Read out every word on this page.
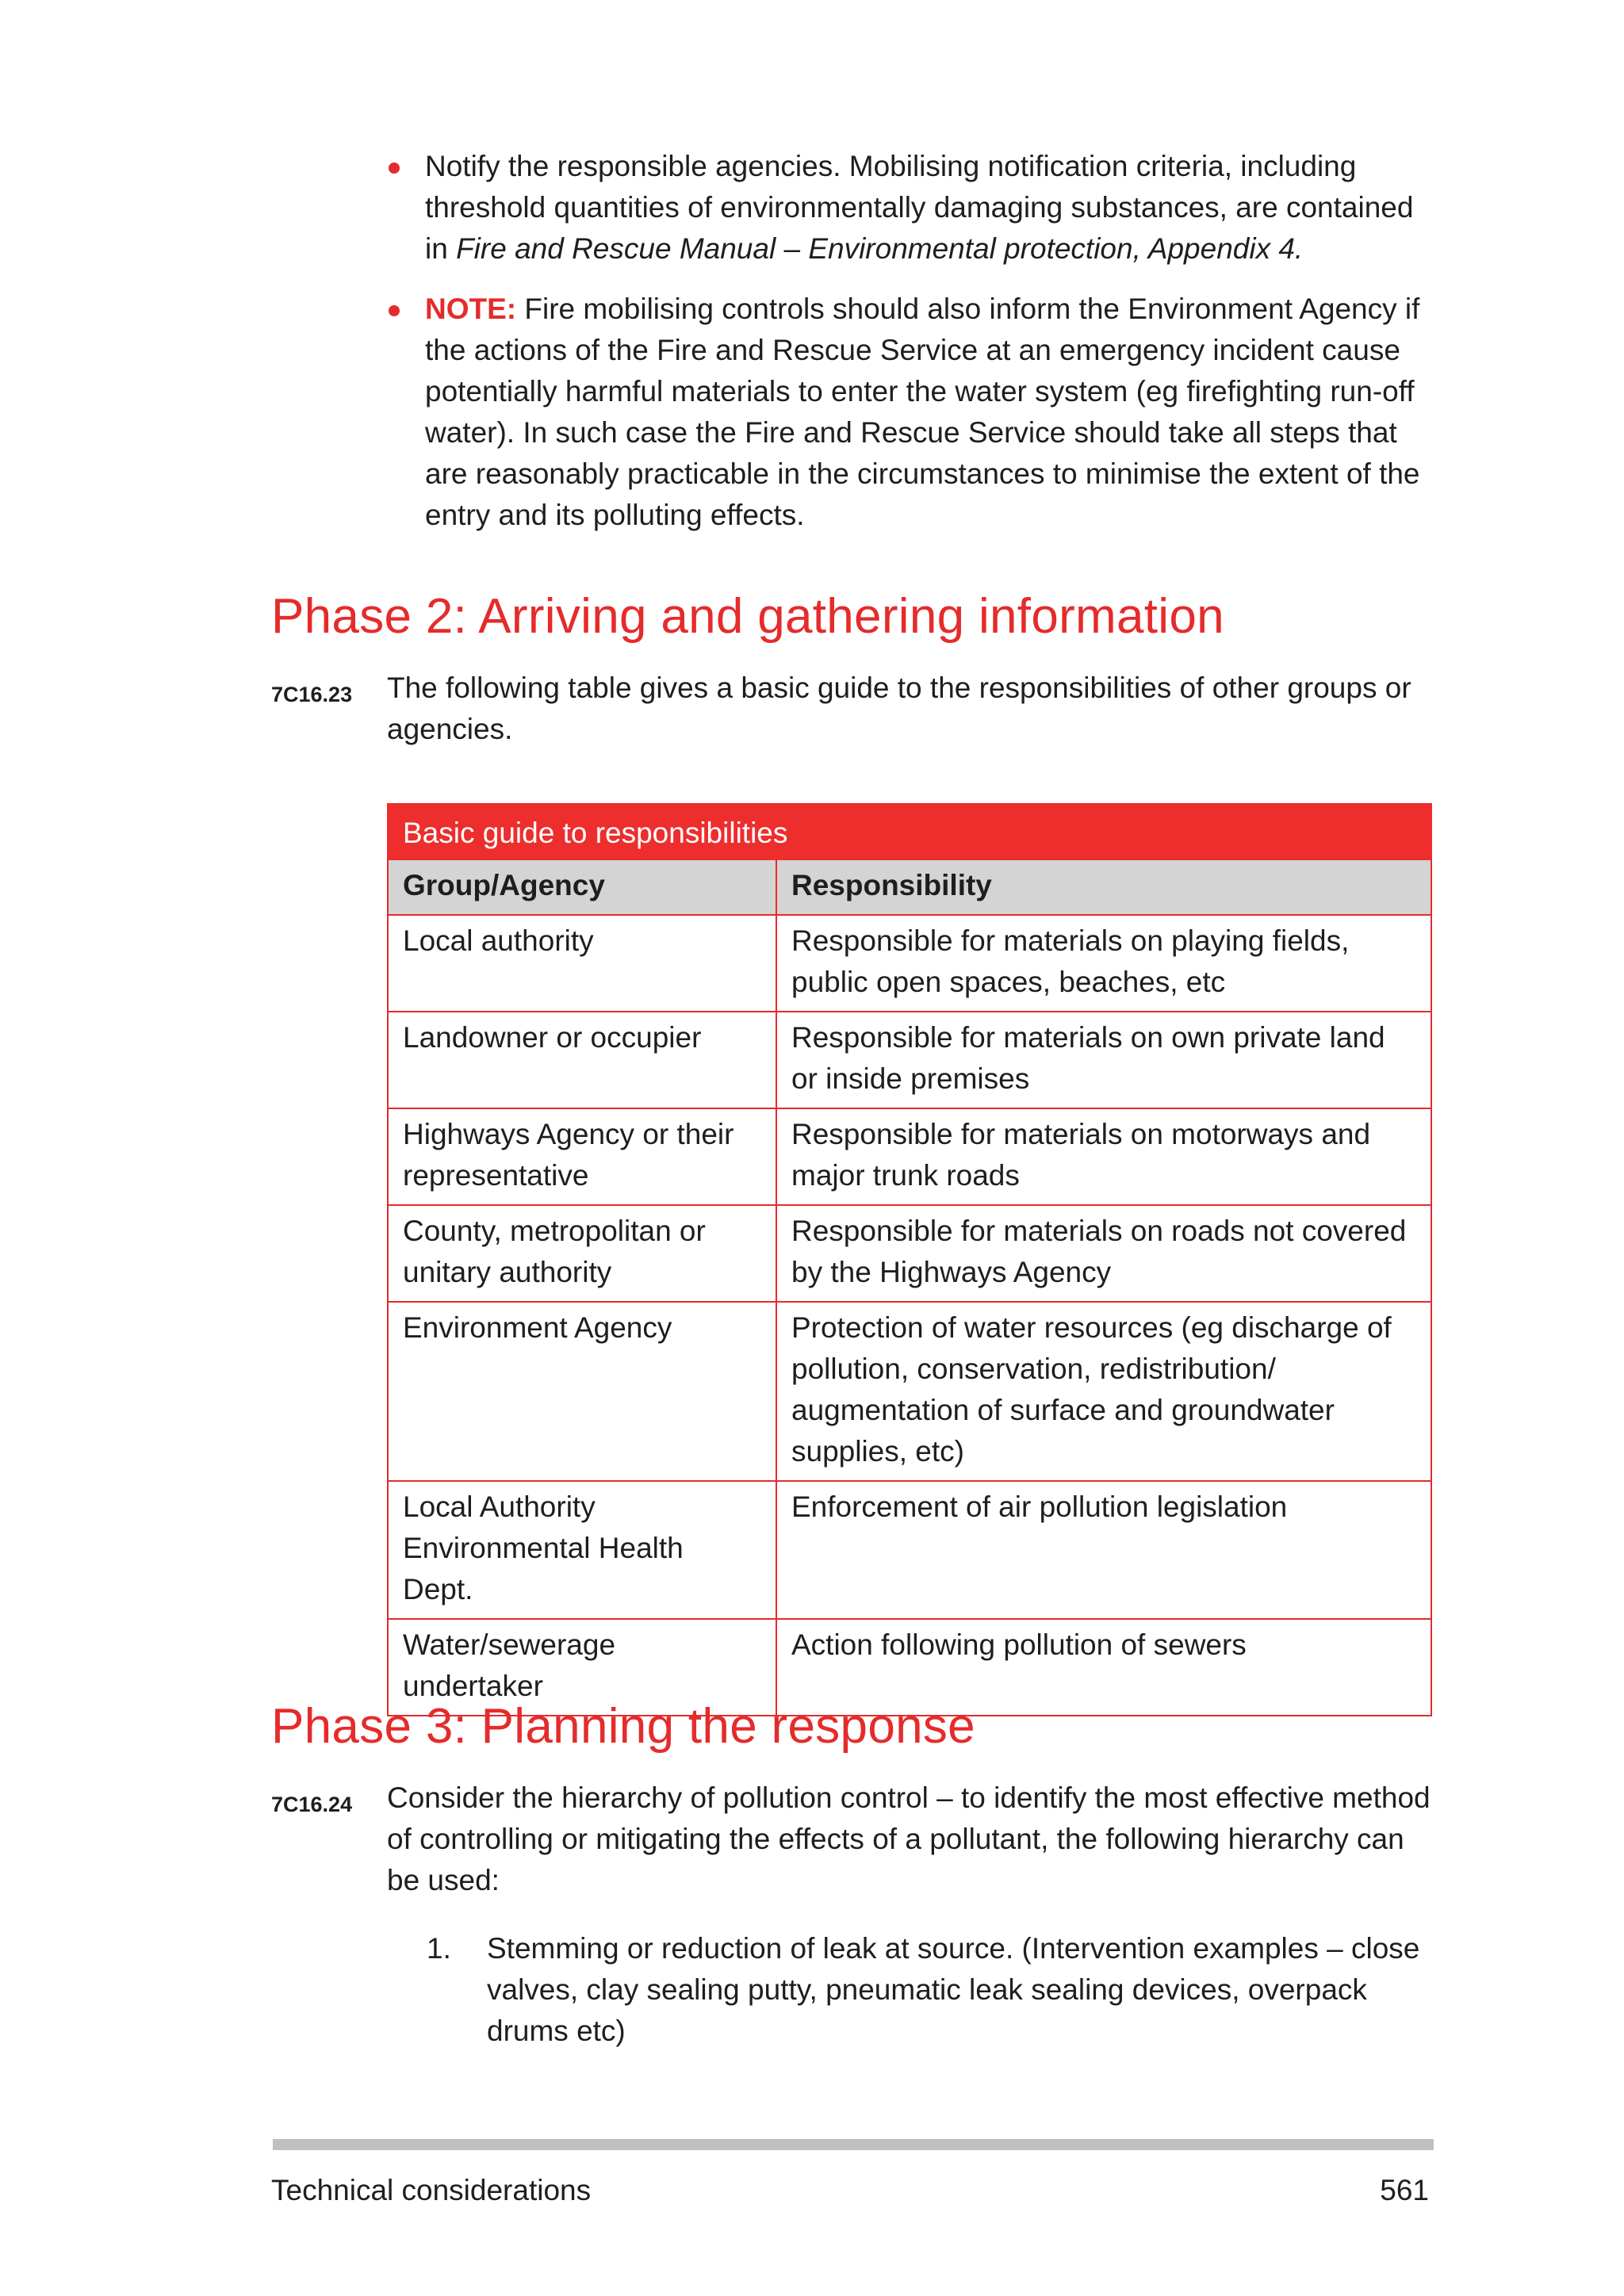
Notify the responsible agencies. Mobilising notification criteria, including threshold quantities of environmentally damaging substances, are contained in Fire and Rescue Manual – Environmental protection, Appendix 4.
NOTE: Fire mobilising controls should also inform the Environment Agency if the actions of the Fire and Rescue Service at an emergency incident cause potentially harmful materials to enter the water system (eg firefighting run-off water). In such case the Fire and Rescue Service should take all steps that are reasonably practicable in the circumstances to minimise the extent of the entry and its polluting effects.
Phase 2: Arriving and gathering information
7C16.23 The following table gives a basic guide to the responsibilities of other groups or agencies.
Basic guide to responsibilities	
Group/Agency	Responsibility
Local authority	Responsible for materials on playing fields, public open spaces, beaches, etc
Landowner or occupier	Responsible for materials on own private land or inside premises
Highways Agency or their representative	Responsible for materials on motorways and major trunk roads
County, metropolitan or unitary authority	Responsible for materials on roads not covered by the Highways Agency
Environment Agency	Protection of water resources (eg discharge of pollution, conservation, redistribution/ augmentation of surface and groundwater supplies, etc)
Local Authority Environmental Health Dept.	Enforcement of air pollution legislation
Water/sewerage undertaker	Action following pollution of sewers
Phase 3: Planning the response
7C16.24 Consider the hierarchy of pollution control – to identify the most effective method of controlling or mitigating the effects of a pollutant, the following hierarchy can be used:
1. Stemming or reduction of leak at source. (Intervention examples – close valves, clay sealing putty, pneumatic leak sealing devices, overpack drums etc)
Technical considerations	561
